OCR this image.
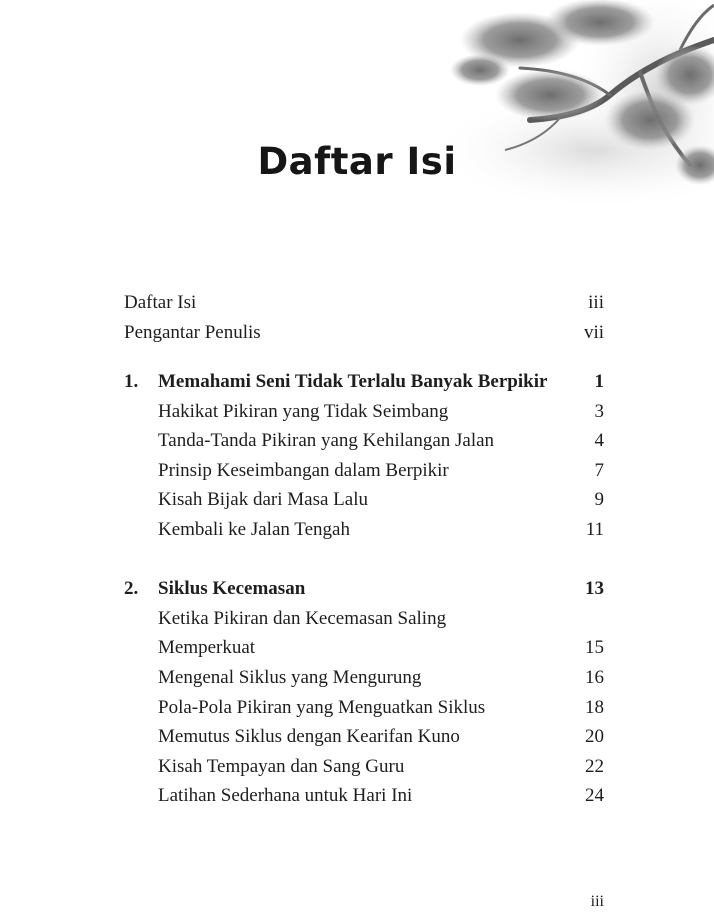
Daftar Isi
Daftar Isi	iii
Pengantar Penulis	vii
1. Memahami Seni Tidak Terlalu Banyak Berpikir 1
Hakikat Pikiran yang Tidak Seimbang	3
Tanda-Tanda Pikiran yang Kehilangan Jalan	4
Prinsip Keseimbangan dalam Berpikir	7
Kisah Bijak dari Masa Lalu	9
Kembali ke Jalan Tengah	11
2. Siklus Kecemasan	13
Ketika Pikiran dan Kecemasan Saling
Memperkuat	15
Mengenal Siklus yang Mengurung	16
Pola-Pola Pikiran yang Menguatkan Siklus	18
Memutus Siklus dengan Kearifan Kuno	20
Kisah Tempayan dan Sang Guru	22
Latihan Sederhana untuk Hari Ini	24
iii
